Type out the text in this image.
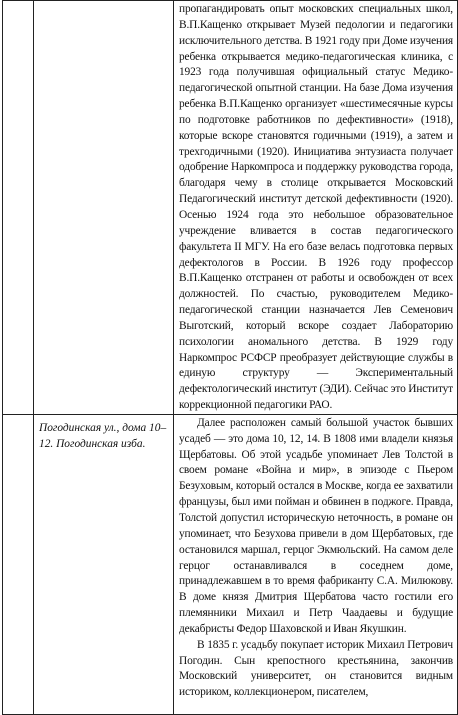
		пропагандировать опыт московских специальных школ, В.П.Кащенко открывает Музей педологии и педагогики исключительного детства. В 1921 году при Доме изучения ребенка открывается медико-педагогическая клиника, с 1923 года получившая официальный статус Медико-педагогической опытной станции. На базе Дома изучения ребенка В.П.Кащенко организует «шестимесячные курсы по подготовке работников по дефективности» (1918), которые вскоре становятся годичными (1919), а затем и трехгодичными (1920). Инициатива энтузиаста получает одобрение Наркомпроса и поддержку руководства города, благодаря чему в столице открывается Московский Педагогический институт детской дефективности (1920). Осенью 1924 года это небольшое образовательное учреждение вливается в состав педагогического факультета II МГУ. На его базе велась подготовка первых дефектологов в России. В 1926 году профессор В.П.Кащенко отстранен от работы и освобожден от всех должностей. По счастью, руководителем Медико-педагогической станции назначается Лев Семенович Выготский, который вскоре создает Лабораторию психологии аномального детства. В 1929 году Наркомпрос РСФСР преобразует действующие службы в единую структуру — Экспериментальный дефектологический институт (ЭДИ). Сейчас это Институт коррекционной педагогики РАО.

	Погодинская ул., дома 10–12. Погодинская изба.	Далее расположен самый большой участок бывших усадеб — это дома 10, 12, 14. В 1808 ими владели князья Щербатовы. Об этой усадьбе упоминает Лев Толстой в своем романе «Война и мир», в эпизоде с Пьером Безуховым, который остался в Москве, когда ее захватили французы, был ими пойман и обвинен в поджоге. Правда, Толстой допустил историческую неточность, в романе он упоминает, что Безухова привели в дом Щербатовых, где остановился маршал, герцог Экмюльский. На самом деле герцог останавливался в соседнем доме, принадлежавшем в то время фабриканту С.А. Милюкову. В доме князя Дмитрия Щербатова часто гостили его племянники Михаил и Петр Чаадаевы и будущие декабристы Федор Шаховской и Иван Якушкин.

В 1835 г. усадьбу покупает историк Михаил Петрович Погодин. Сын крепостного крестьянина, закончив Московский университет, он становится видным историком, коллекционером, писателем,
